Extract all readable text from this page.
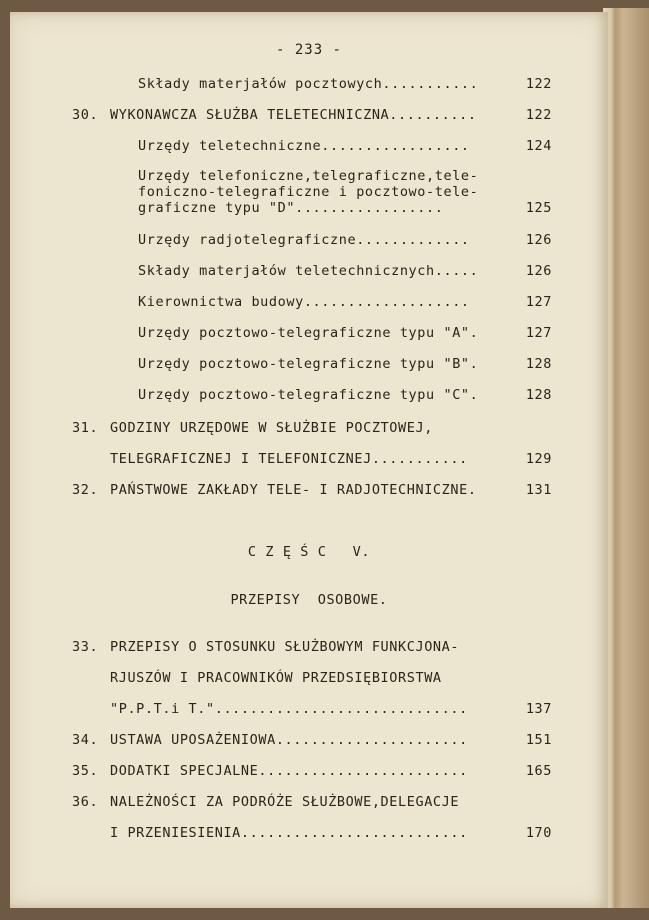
- 233 -
Składy materjałów pocztowych...........	122
30. WYKONAWCZA SŁUŻBA TELETECHNICZNA..........	122
Urzędy teletechniczne.................	124
Urzędy telefoniczne,telegraficzne,tele-
foniczno-telegraficzne i pocztowo-tele-
graficzne typu "D".................	125
Urzędy radjotelegraficzne.............	126
Składy materjałów teletechnicznych.....	126
Kierownictwa budowy...................	127
Urzędy pocztowo-telegraficzne typu "A".	127
Urzędy pocztowo-telegraficzne typu "B".	128
Urzędy pocztowo-telegraficzne typu "C".	128
31. GODZINY URZĘDOWE W SŁUŻBIE POCZTOWEJ,
TELEGRAFICZNEJ I TELEFONICZNEJ...........	129
32. PAŃSTWOWE ZAKŁADY TELE- I RADJOTECHNICZNE.	131
C Z Ę Ś C   V.
PRZEPISY  OSOBOWE.
33. PRZEPISY O STOSUNKU SŁUŻBOWYM FUNKCJONA-
RJUSZÓW I PRACOWNIKÓW PRZEDSIĘBIORSTWA
"P.P.T.i T.".............................	137
34. USTAWA UPOSAŻENIOWA......................	151
35. DODATKI SPECJALNE........................	165
36. NALEŻNOŚCI ZA PODRÓŻE SŁUŻBOWE,DELEGACJE
I PRZENIESIENIA..........................	170
